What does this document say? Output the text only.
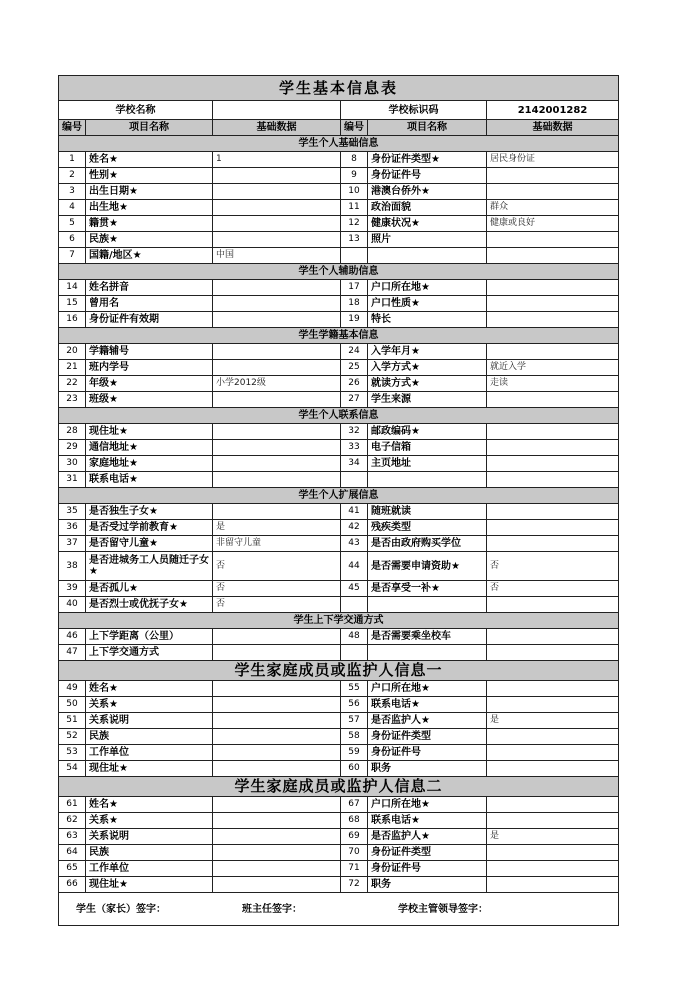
学生基本信息表					
学校名称			学校标识码		2142001282
编号	项目名称	基础数据	编号	项目名称	基础数据
学生个人基础信息					
1	姓名★	1	8	身份证件类型★	居民身份证
2	性别★		9	身份证件号	
3	出生日期★		10	港澳台侨外★	
4	出生地★		11	政治面貌	群众
5	籍贯★		12	健康状况★	健康或良好
6	民族★		13	照片	
7	国籍/地区★	中国			
学生个人辅助信息					
14	姓名拼音		17	户口所在地★	
15	曾用名		18	户口性质★	
16	身份证件有效期		19	特长	
学生学籍基本信息					
20	学籍辅号		24	入学年月★	
21	班内学号		25	入学方式★	就近入学
22	年级★	小学2012级	26	就读方式★	走读
23	班级★		27	学生来源	
学生个人联系信息					
28	现住址★		32	邮政编码★	
29	通信地址★		33	电子信箱	
30	家庭地址★		34	主页地址	
31	联系电话★				
学生个人扩展信息					
35	是否独生子女★		41	随班就读	
36	是否受过学前教育★	是	42	残疾类型	
37	是否留守儿童★	非留守儿童	43	是否由政府购买学位	
38	是否进城务工人员随迁子女★	否	44	是否需要申请资助★	否
39	是否孤儿★	否	45	是否享受一补★	否
40	是否烈士或优抚子女★	否			
学生上下学交通方式					
46	上下学距离（公里）		48	是否需要乘坐校车	
47	上下学交通方式				
学生家庭成员或监护人信息一					
49	姓名★		55	户口所在地★	
50	关系★		56	联系电话★	
51	关系说明		57	是否监护人★	是
52	民族		58	身份证件类型	
53	工作单位		59	身份证件号	
54	现住址★		60	职务	
学生家庭成员或监护人信息二					
61	姓名★		67	户口所在地★	
62	关系★		68	联系电话★	
63	关系说明		69	是否监护人★	是
64	民族		70	身份证件类型	
65	工作单位		71	身份证件号	
66	现住址★		72	职务	
学生（家长）签字： 班主任签字： 学校主管领导签字：					
